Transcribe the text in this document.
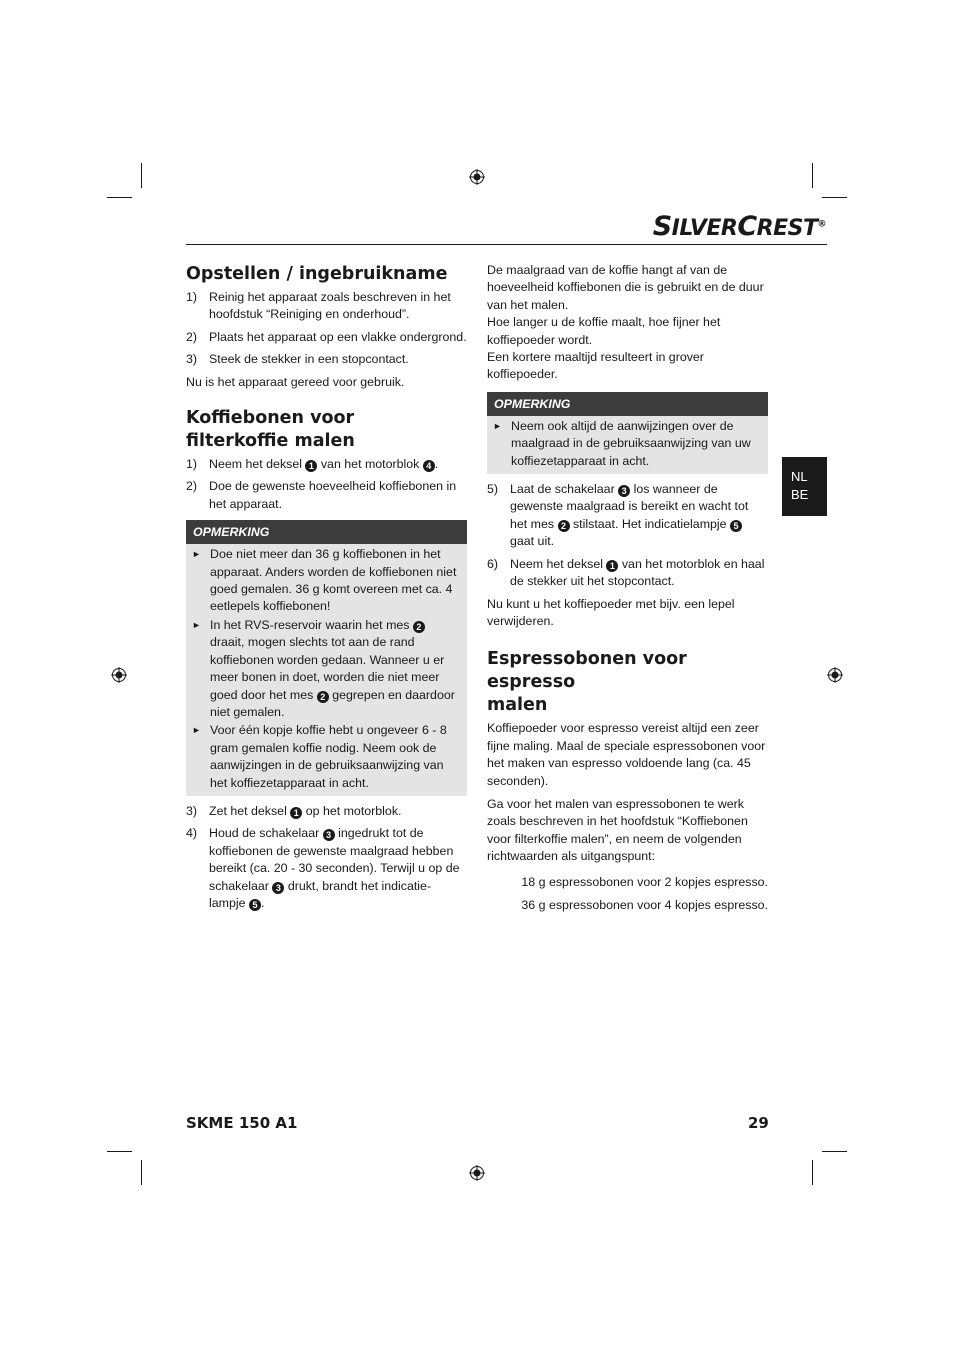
SILVERCREST®
NL
BE
Opstellen / ingebruikname
1) Reinig het apparaat zoals beschreven in het hoofdstuk “Reiniging en onderhoud”.
2) Plaats het apparaat op een vlakke ondergrond.
3) Steek de stekker in een stopcontact.

Nu is het apparaat gereed voor gebruik.

Koffiebonen voor
filterkoffie malen
1) Neem het deksel 1 van het motorblok 4 .
2) Doe de gewenste hoeveelheid koffiebonen in het apparaat.
OPMERKING
► Doe niet meer dan 36 g koffiebonen in het apparaat. Anders worden de koffiebonen niet goed gemalen. 36 g komt overeen met ca. 4 eetlepels koffiebonen!
► In het RVS-reservoir waarin het mes 2 draait, mogen slechts tot aan de rand koffiebonen worden gedaan. Wanneer u er meer bonen in doet, worden die niet meer goed door het mes 2 gegrepen en daardoor niet gemalen.
► Voor één kopje koffie hebt u ongeveer 6 - 8 gram gemalen koffie nodig. Neem ook de aanwijzingen in de gebruiksaanwijzing van het koffiezetapparaat in acht.
3) Zet het deksel 1 op het motorblok.
4) Houd de schakelaar 3 ingedrukt tot de koffiebonen de gewenste maalgraad hebben bereikt (ca. 20 - 30 seconden). Terwijl u op de schakelaar 3 drukt, brandt het indicatie-lampje 5 .

De maalgraad van de koffie hangt af van de hoeveelheid koffiebonen die is gebruikt en de duur van het malen.

Hoe langer u de koffie maalt, hoe fijner het koffiepoeder wordt.

Een kortere maaltijd resulteert in grover koffiepoeder.

OPMERKING
► Neem ook altijd de aanwijzingen over de maalgraad in de gebruiksaanwijzing van uw koffiezetapparaat in acht.
5) Laat de schakelaar 3 los wanneer de gewenste maalgraad is bereikt en wacht tot het mes 2 stilstaat. Het indicatielampje 5 gaat uit.
6) Neem het deksel 1 van het motorblok en haal de stekker uit het stopcontact.

Nu kunt u het koffiepoeder met bijv. een lepel verwijderen.

Espressobonen voor espresso
malen

Koffiepoeder voor espresso vereist altijd een zeer fijne maling. Maal de speciale espressobonen voor het maken van espresso voldoende lang (ca. 45 seconden).

Ga voor het malen van espressobonen te werk zoals beschreven in het hoofdstuk “Koffiebonen voor filterkoffie malen”, en neem de volgenden richtwaarden als uitgangspunt:

18 g espressobonen voor 2 kopjes espresso.

36 g espressobonen voor 4 kopjes espresso.

SKME 150 A1	29
